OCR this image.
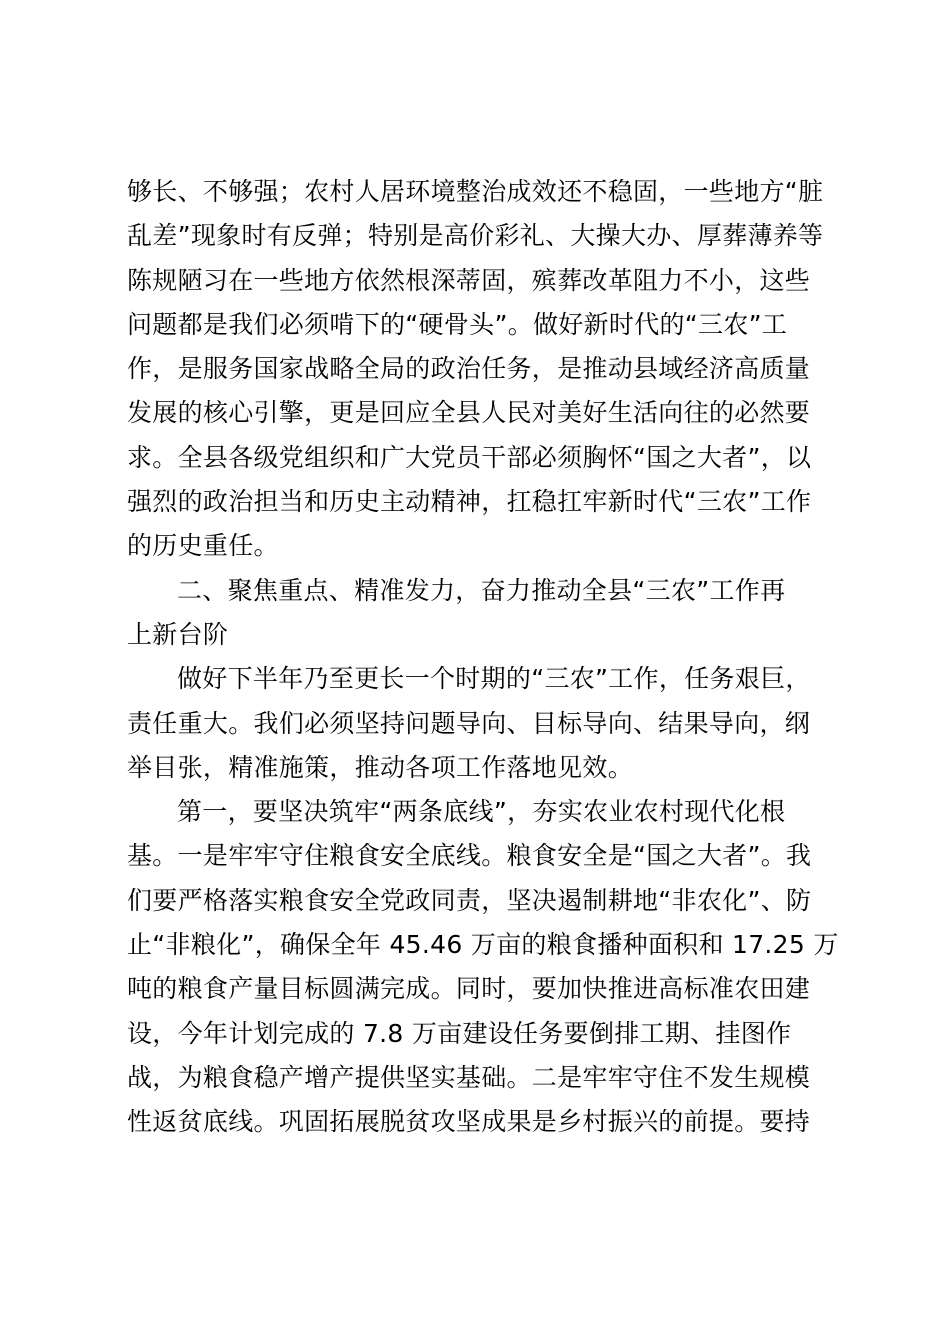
够长、不够强；农村人居环境整治成效还不稳固，一些地方“脏
乱差”现象时有反弹；特别是高价彩礼、大操大办、厚葬薄养等
陈规陋习在一些地方依然根深蒂固，殡葬改革阻力不小，这些
问题都是我们必须啃下的“硬骨头”。做好新时代的“三农”工
作，是服务国家战略全局的政治任务，是推动县域经济高质量
发展的核心引擎，更是回应全县人民对美好生活向往的必然要
求。全县各级党组织和广大党员干部必须胸怀“国之大者”，以
强烈的政治担当和历史主动精神，扛稳扛牢新时代“三农”工作
的历史重任。
二、聚焦重点、精准发力，奋力推动全县“三农”工作再
上新台阶
做好下半年乃至更长一个时期的“三农”工作，任务艰巨，
责任重大。我们必须坚持问题导向、目标导向、结果导向，纲
举目张，精准施策，推动各项工作落地见效。
第一，要坚决筑牢“两条底线”，夯实农业农村现代化根
基。一是牢牢守住粮食安全底线。粮食安全是“国之大者”。我
们要严格落实粮食安全党政同责，坚决遏制耕地“非农化”、防
止“非粮化”，确保全年 45.46 万亩的粮食播种面积和 17.25 万
吨的粮食产量目标圆满完成。同时，要加快推进高标准农田建
设，今年计划完成的 7.8 万亩建设任务要倒排工期、挂图作
战，为粮食稳产增产提供坚实基础。二是牢牢守住不发生规模
性返贫底线。巩固拓展脱贫攻坚成果是乡村振兴的前提。要持
